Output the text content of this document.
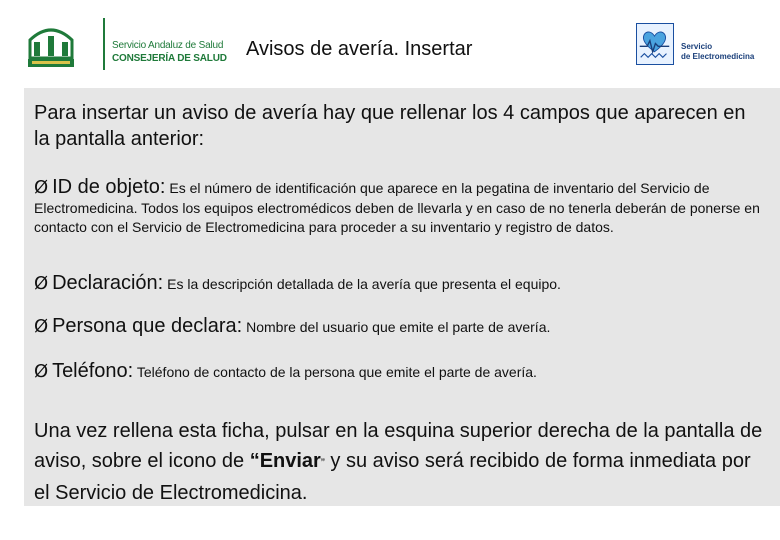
Servicio Andaluz de Salud
CONSEJERÍA DE SALUD Avisos de avería. Insertar	Servicio
de Electromedicina

Para insertar un aviso de avería hay que rellenar los 4 campos que aparecen en la pantalla anterior:

Ø ID de objeto: Es el número de identificación que aparece en la pegatina de inventario del Servicio de Electromedicina. Todos los equipos electromédicos deben de llevarla y en caso de no tenerla deberán de ponerse en contacto con el Servicio de Electromedicina para proceder a su inventario y registro de datos.

Ø Declaración: Es la descripción detallada de la avería que presenta el equipo.

Ø Persona que declara: Nombre del usuario que emite el parte de avería.

Ø Teléfono: Teléfono de contacto de la persona que emite el parte de avería.

Una vez rellena esta ficha, pulsar en la esquina superior derecha de la pantalla de aviso, sobre el icono de “Enviar” y su aviso será recibido de forma inmediata por el Servicio de Electromedicina.
